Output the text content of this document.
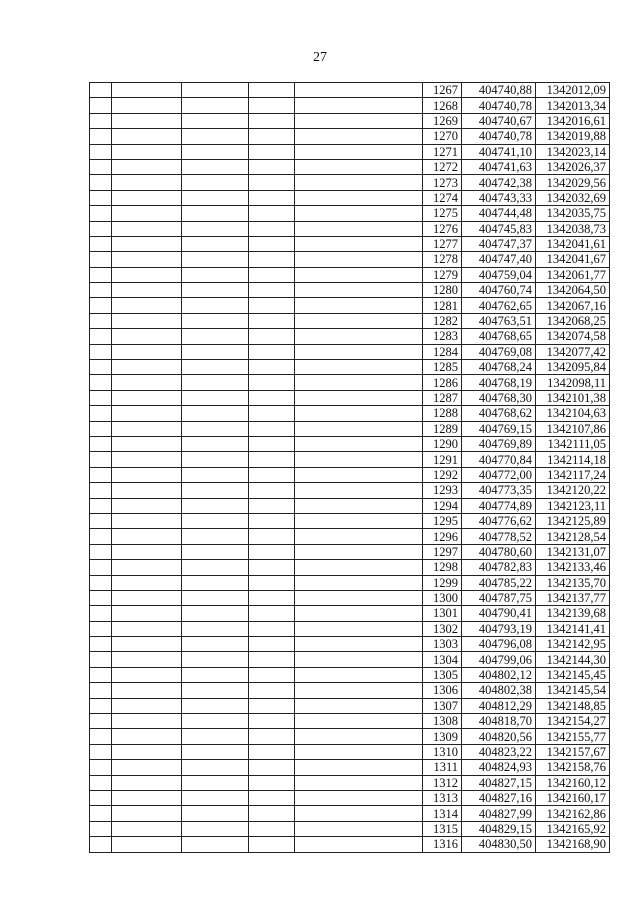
27
					1267	404740,88	1342012,09
					1268	404740,78	1342013,34
					1269	404740,67	1342016,61
					1270	404740,78	1342019,88
					1271	404741,10	1342023,14
					1272	404741,63	1342026,37
					1273	404742,38	1342029,56
					1274	404743,33	1342032,69
					1275	404744,48	1342035,75
					1276	404745,83	1342038,73
					1277	404747,37	1342041,61
					1278	404747,40	1342041,67
					1279	404759,04	1342061,77
					1280	404760,74	1342064,50
					1281	404762,65	1342067,16
					1282	404763,51	1342068,25
					1283	404768,65	1342074,58
					1284	404769,08	1342077,42
					1285	404768,24	1342095,84
					1286	404768,19	1342098,11
					1287	404768,30	1342101,38
					1288	404768,62	1342104,63
					1289	404769,15	1342107,86
					1290	404769,89	1342111,05
					1291	404770,84	1342114,18
					1292	404772,00	1342117,24
					1293	404773,35	1342120,22
					1294	404774,89	1342123,11
					1295	404776,62	1342125,89
					1296	404778,52	1342128,54
					1297	404780,60	1342131,07
					1298	404782,83	1342133,46
					1299	404785,22	1342135,70
					1300	404787,75	1342137,77
					1301	404790,41	1342139,68
					1302	404793,19	1342141,41
					1303	404796,08	1342142,95
					1304	404799,06	1342144,30
					1305	404802,12	1342145,45
					1306	404802,38	1342145,54
					1307	404812,29	1342148,85
					1308	404818,70	1342154,27
					1309	404820,56	1342155,77
					1310	404823,22	1342157,67
					1311	404824,93	1342158,76
					1312	404827,15	1342160,12
					1313	404827,16	1342160,17
					1314	404827,99	1342162,86
					1315	404829,15	1342165,92
					1316	404830,50	1342168,90
